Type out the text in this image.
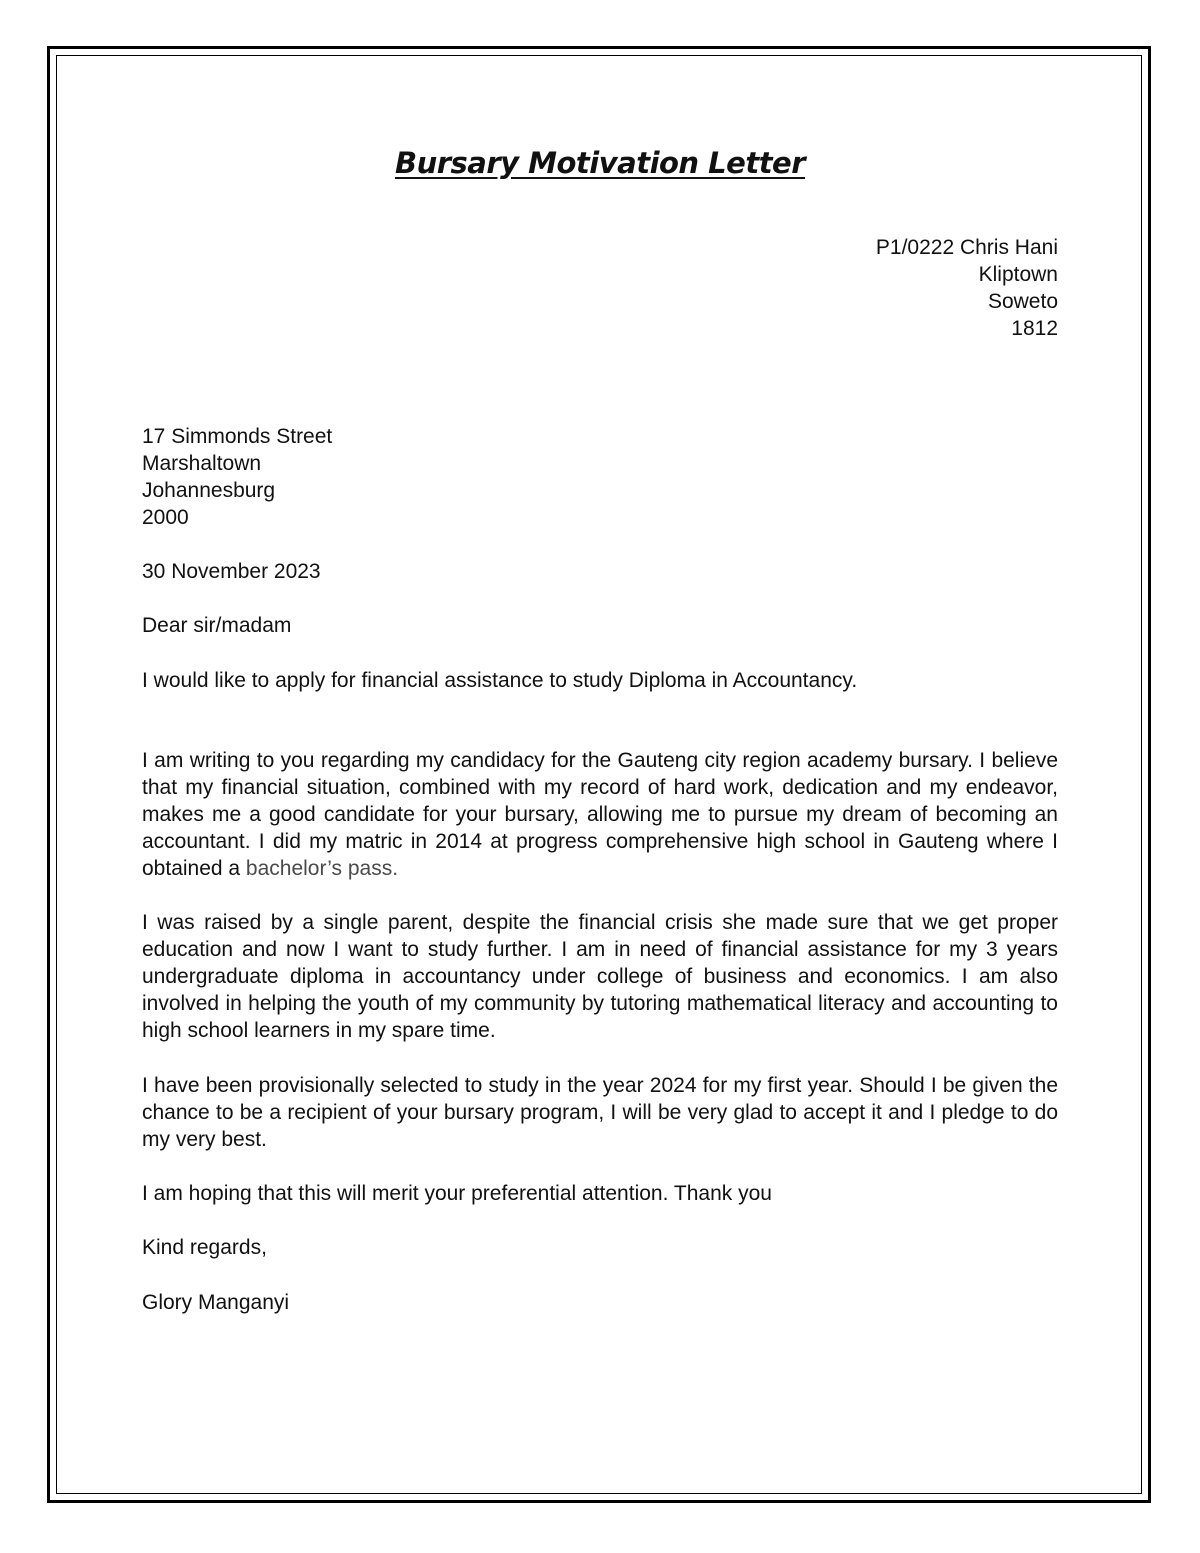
Bursary Motivation Letter
P1/0222 Chris Hani
Kliptown
Soweto
1812
17 Simmonds Street
Marshaltown
Johannesburg
2000
30 November 2023
Dear sir/madam
I would like to apply for financial assistance to study Diploma in Accountancy.
I am writing to you regarding my candidacy for the Gauteng city region academy bursary. I believe that my financial situation, combined with my record of hard work, dedication and my endeavor, makes me a good candidate for your bursary, allowing me to pursue my dream of becoming an accountant. I did my matric in 2014 at progress comprehensive high school in Gauteng where I obtained a bachelor’s pass.
I was raised by a single parent, despite the financial crisis she made sure that we get proper education and now I want to study further. I am in need of financial assistance for my 3 years undergraduate diploma in accountancy under college of business and economics. I am also involved in helping the youth of my community by tutoring mathematical literacy and accounting to high school learners in my spare time.
I have been provisionally selected to study in the year 2024 for my first year. Should I be given the chance to be a recipient of your bursary program, I will be very glad to accept it and I pledge to do my very best.
I am hoping that this will merit your preferential attention. Thank you
Kind regards,
Glory Manganyi
